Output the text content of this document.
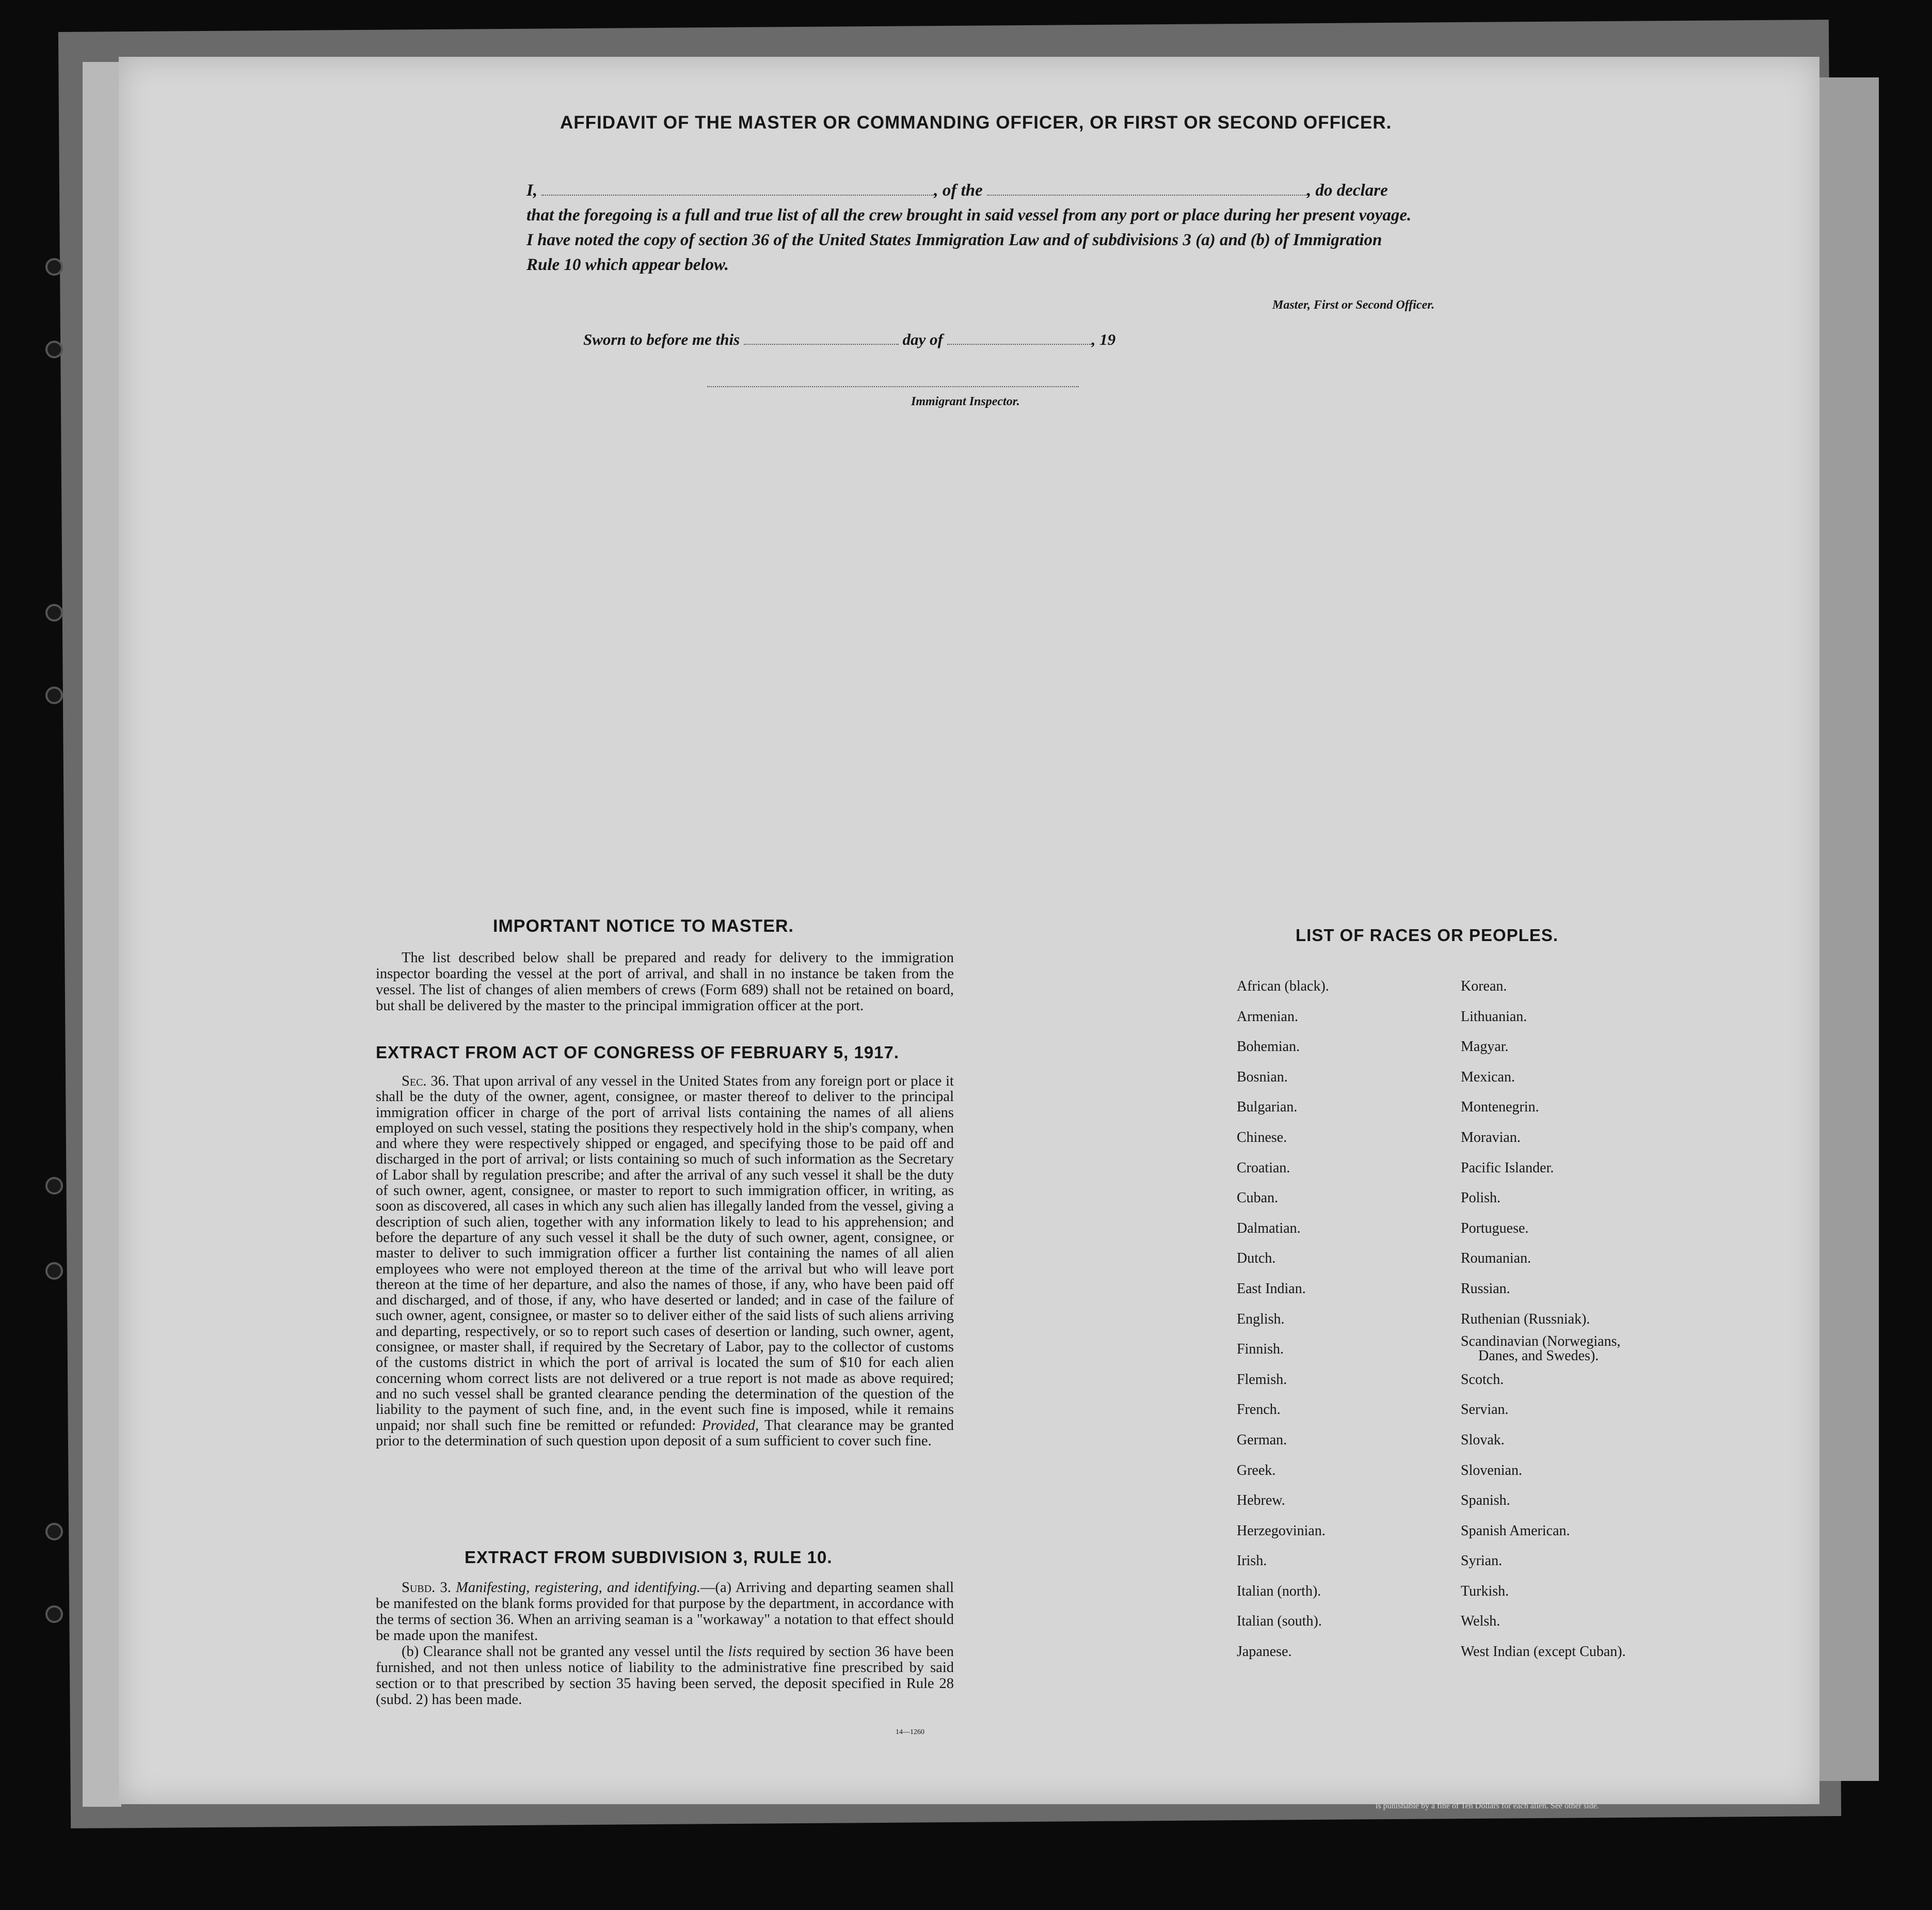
AFFIDAVIT OF THE MASTER OR COMMANDING OFFICER, OR FIRST OR SECOND OFFICER.
I,	, of the	, do declare
that the foregoing is a full and true list of all the crew brought in said vessel from any port or place during her present voyage.
I have noted the copy of section 36 of the United States Immigration Law and of subdivisions 3 (a) and (b) of Immigration
Rule 10 which appear below.
Master, First or Second Officer.
Sworn to before me this	day of	, 19
Immigrant Inspector.
IMPORTANT NOTICE TO MASTER.
The list described below shall be prepared and ready for delivery to the immigration inspector boarding the vessel at the port of arrival, and shall in no instance be taken from the vessel. The list of changes of alien members of crews (Form 689) shall not be retained on board, but shall be delivered by the master to the principal immigration officer at the port.
EXTRACT FROM ACT OF CONGRESS OF FEBRUARY 5, 1917.
Sec. 36. That upon arrival of any vessel in the United States from any foreign port or place it shall be the duty of the owner, agent, consignee, or master thereof to deliver to the principal immigration officer in charge of the port of arrival lists containing the names of all aliens employed on such vessel, stating the positions they respectively hold in the ship's company, when and where they were respectively shipped or engaged, and specifying those to be paid off and discharged in the port of arrival; or lists containing so much of such information as the Secretary of Labor shall by regulation prescribe; and after the arrival of any such vessel it shall be the duty of such owner, agent, consignee, or master to report to such immigration officer, in writing, as soon as discovered, all cases in which any such alien has illegally landed from the vessel, giving a description of such alien, together with any information likely to lead to his apprehension; and before the departure of any such vessel it shall be the duty of such owner, agent, consignee, or master to deliver to such immigration officer a further list containing the names of all alien employees who were not employed thereon at the time of the arrival but who will leave port thereon at the time of her departure, and also the names of those, if any, who have been paid off and discharged, and of those, if any, who have deserted or landed; and in case of the failure of such owner, agent, consignee, or master so to deliver either of the said lists of such aliens arriving and departing, respectively, or so to report such cases of desertion or landing, such owner, agent, consignee, or master shall, if required by the Secretary of Labor, pay to the collector of customs of the customs district in which the port of arrival is located the sum of $10 for each alien concerning whom correct lists are not delivered or a true report is not made as above required; and no such vessel shall be granted clearance pending the determination of the question of the liability to the payment of such fine, and, in the event such fine is imposed, while it remains unpaid; nor shall such fine be remitted or refunded: Provided, That clearance may be granted prior to the determination of such question upon deposit of a sum sufficient to cover such fine.
EXTRACT FROM SUBDIVISION 3, RULE 10.

Subd. 3. Manifesting, registering, and identifying.—(a) Arriving and departing seamen shall be manifested on the blank forms provided for that purpose by the department, in accordance with the terms of section 36. When an arriving seaman is a "workaway" a notation to that effect should be made upon the manifest.

(b) Clearance shall not be granted any vessel until the lists required by section 36 have been furnished, and not then unless notice of liability to the administrative fine prescribed by said section or to that prescribed by section 35 having been served, the deposit specified in Rule 28 (subd. 2) has been made.

14—1260
LIST OF RACES OR PEOPLES.
African (black).
Armenian.
Bohemian.
Bosnian.
Bulgarian.
Chinese.
Croatian.
Cuban.
Dalmatian.
Dutch.
East Indian.
English.
Finnish.
Flemish.
French.
German.
Greek.
Hebrew.
Herzegovinian.
Irish.
Italian (north).
Italian (south).
Japanese.
Korean.
Lithuanian.
Magyar.
Mexican.
Montenegrin.
Moravian.
Pacific Islander.
Polish.
Portuguese.
Roumanian.
Russian.
Ruthenian (Russniak).
Scandinavian (Norwegians,
Danes, and Swedes).
Scotch.
Servian.
Slovak.
Slovenian.
Spanish.
Spanish American.
Syrian.
Turkish.
Welsh.
West Indian (except Cuban).
is punishable by a fine of Ten Dollars for each alien. See other side.
